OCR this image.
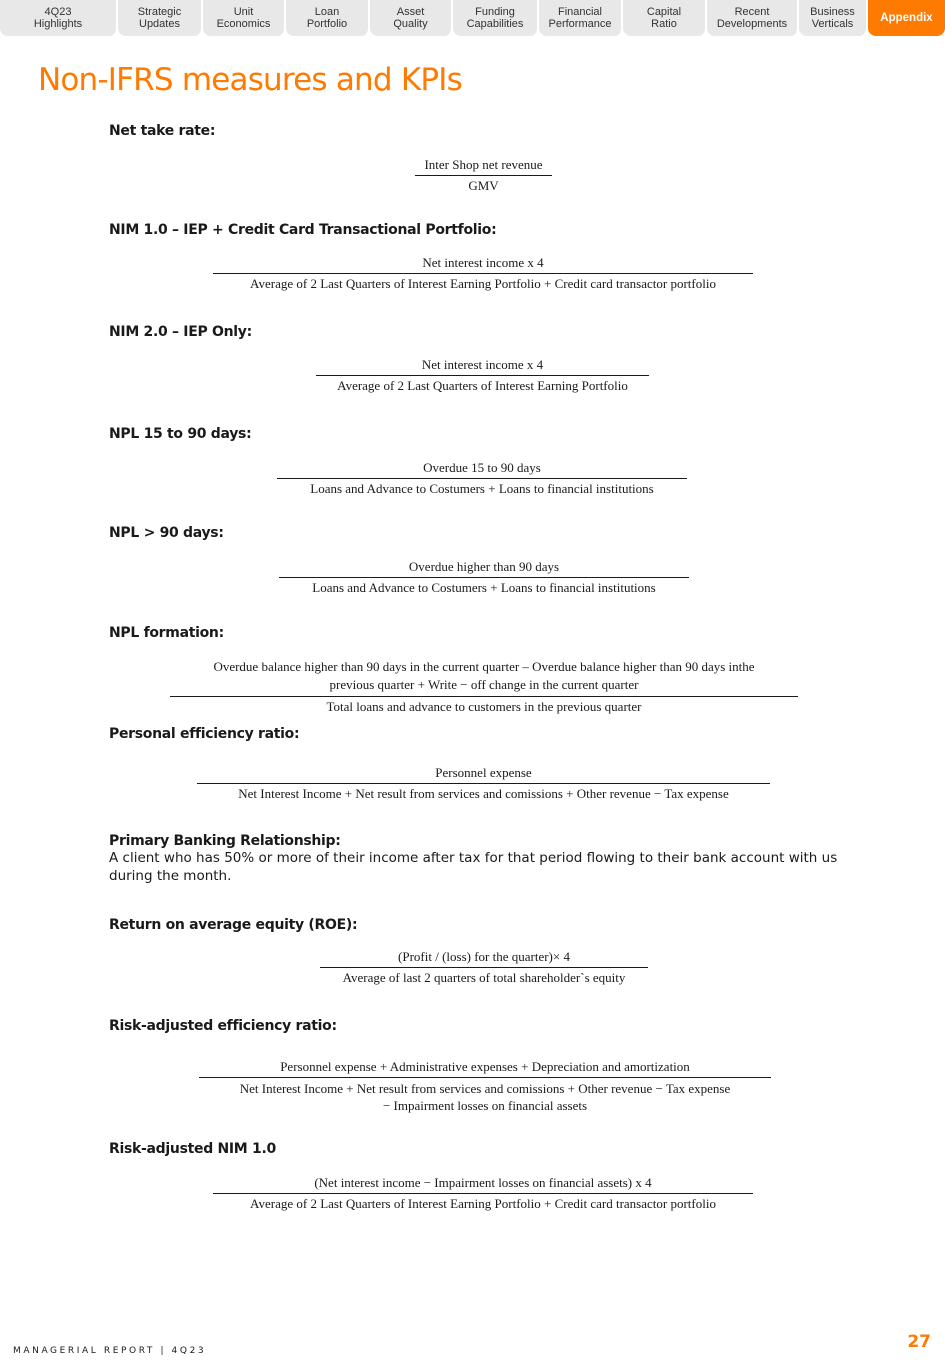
4Q23
Highlights
Strategic
Updates
Unit
Economics
Loan
Portfolio
Asset
Quality
Funding
Capabilities
Financial
Performance
Capital
Ratio
Recent
Developments
Business
Verticals Appendix
Non-IFRS measures and KPIs
Net take rate:
Inter Shop net revenue
GMV
NIM 1.0 – IEP + Credit Card Transactional Portfolio:
Net interest income x 4
Average of 2 Last Quarters of Interest Earning Portfolio + Credit card transactor portfolio
NIM 2.0 – IEP Only:
Net interest income x 4
Average of 2 Last Quarters of Interest Earning Portfolio
NPL 15 to 90 days:
Overdue 15 to 90 days
Loans and Advance to Costumers + Loans to financial institutions
NPL > 90 days:
Overdue higher than 90 days
Loans and Advance to Costumers + Loans to financial institutions
NPL formation:
Overdue balance higher than 90 days in the current quarter – Overdue balance higher than 90 days inthe
previous quarter + Write − off change in the current quarter
Total loans and advance to customers in the previous quarter
Personal efficiency ratio:
Personnel expense
Net Interest Income + Net result from services and comissions + Other revenue − Tax expense
Primary Banking Relationship:
A client who has 50% or more of their income after tax for that period flowing to their bank account with us during the month.
Return on average equity (ROE):
(Profit / (loss) for the quarter)× 4
Average of last 2 quarters of total shareholder`s equity
Risk-adjusted efficiency ratio:
Personnel expense + Administrative expenses + Depreciation and amortization
Net Interest Income + Net result from services and comissions + Other revenue − Tax expense
− Impairment losses on financial assets
Risk-adjusted NIM 1.0
(Net interest income − Impairment losses on financial assets) x 4
Average of 2 Last Quarters of Interest Earning Portfolio + Credit card transactor portfolio
MANAGERIAL REPORT | 4Q23	27
